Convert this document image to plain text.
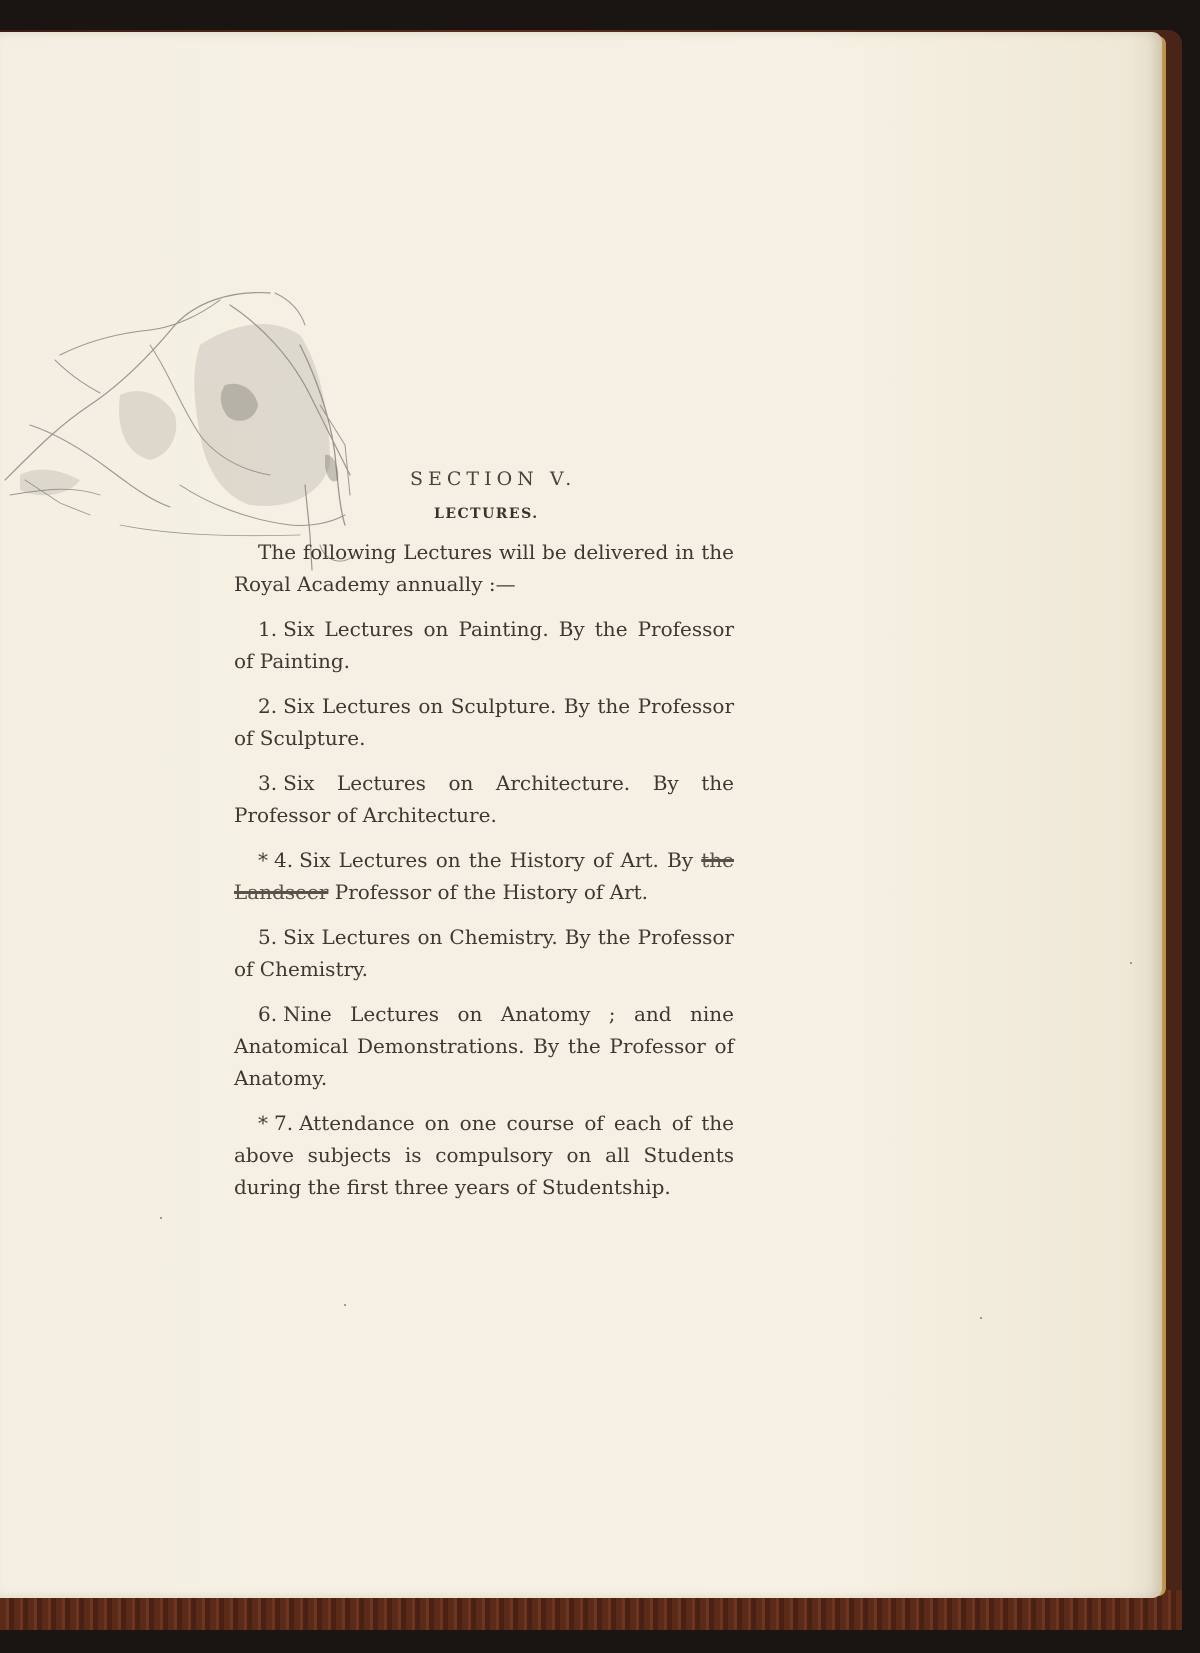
SECTION V.
LECTURES.

The following Lectures will be delivered in the Royal Academy annually :—

1. Six Lectures on Painting. By the Professor of Painting.

2. Six Lectures on Sculpture. By the Professor of Sculpture.

3. Six Lectures on Architecture. By the Professor of Architecture.

* 4. Six Lectures on the History of Art. By the Landseer Professor of the History of Art.

5. Six Lectures on Chemistry. By the Professor of Chemistry.

6. Nine Lectures on Anatomy ; and nine Anatomical Demonstrations. By the Professor of Anatomy.

* 7. Attendance on one course of each of the above subjects is compulsory on all Students during the first three years of Studentship.
